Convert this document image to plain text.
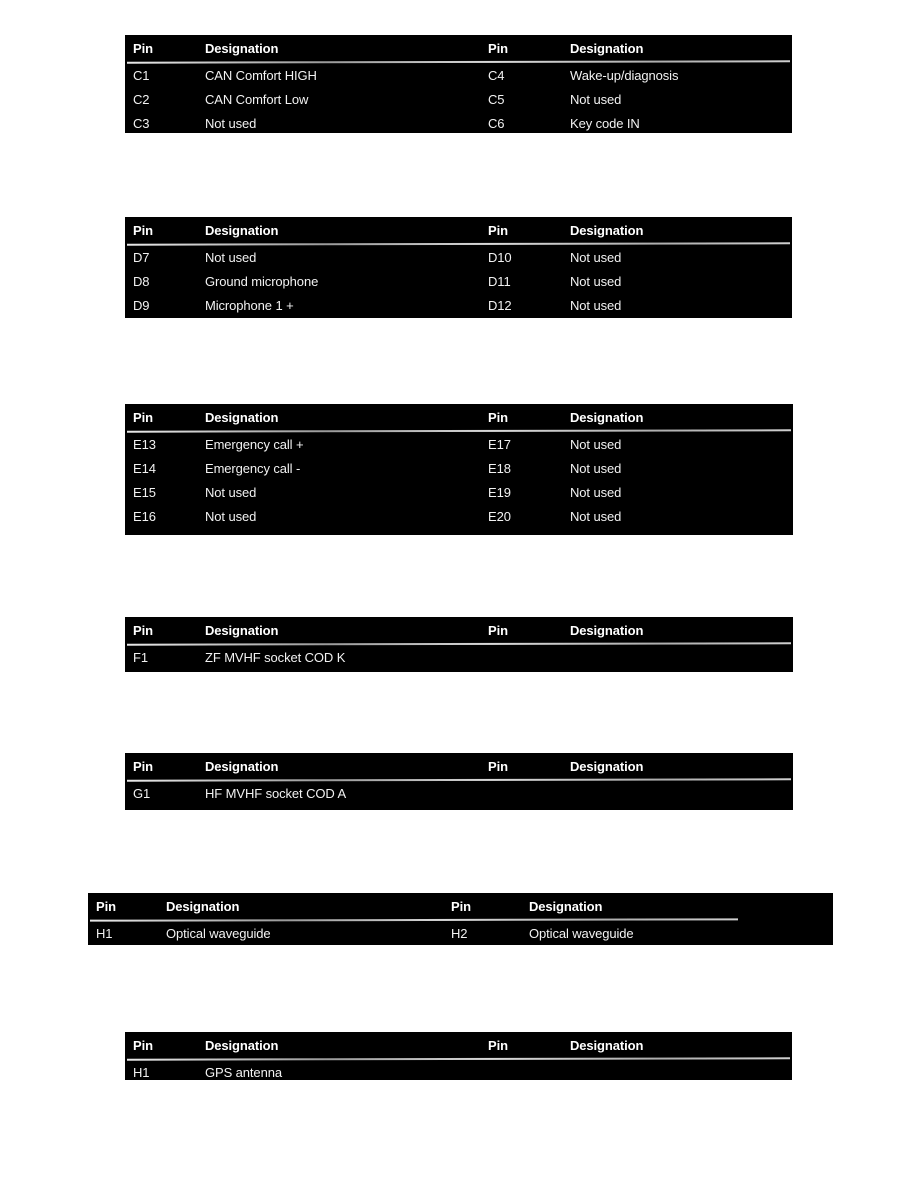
Pin	Designation	Pin	Designation
C1	CAN Comfort HIGH	C4	Wake-up/diagnosis
C2	CAN Comfort Low	C5	Not used
C3	Not used	C6	Key code IN
Pin	Designation	Pin	Designation
D7	Not used	D10	Not used
D8	Ground microphone	D11	Not used
D9	Microphone 1 +	D12	Not used
Pin	Designation	Pin	Designation
E13	Emergency call +	E17	Not used
E14	Emergency call -	E18	Not used
E15	Not used	E19	Not used
E16	Not used	E20	Not used
Pin	Designation	Pin	Designation
F1	ZF MVHF socket COD K
Pin	Designation	Pin	Designation
G1	HF MVHF socket COD A
Pin	Designation	Pin	Designation
H1	Optical waveguide	H2	Optical waveguide
Pin	Designation	Pin	Designation
H1	GPS antenna
